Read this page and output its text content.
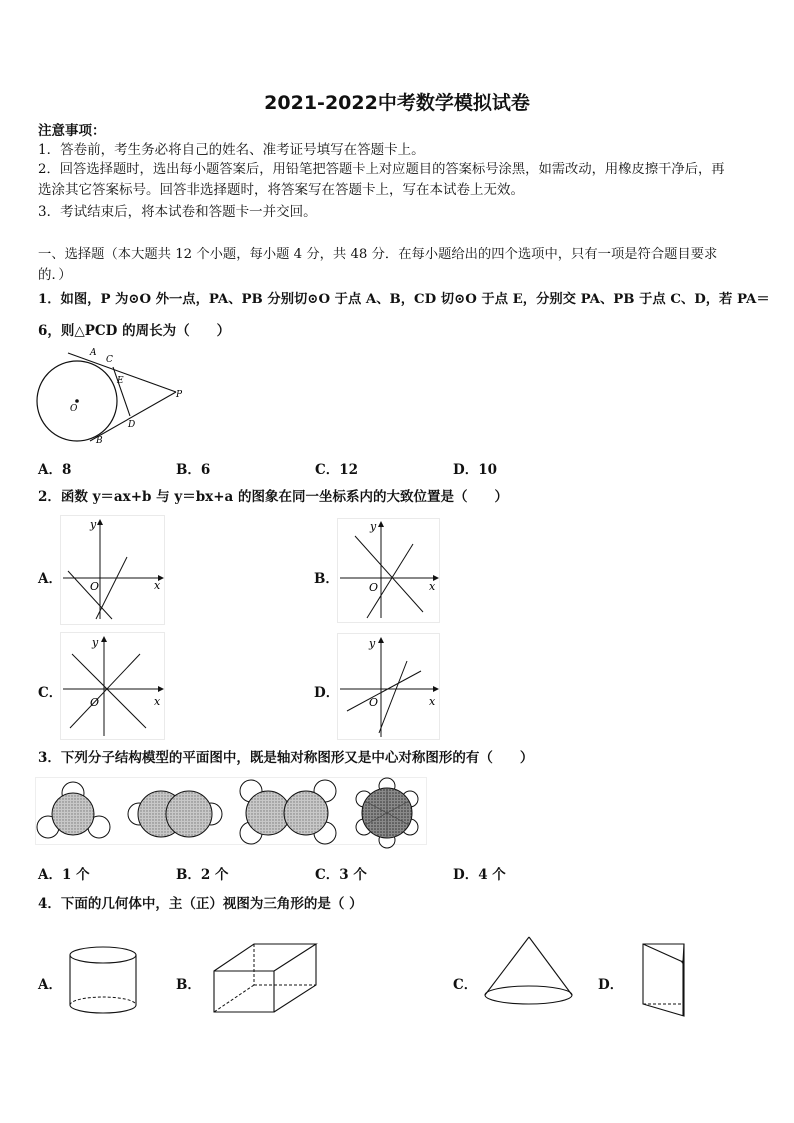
2021-2022中考数学模拟试卷
注意事项：
1．答卷前，考生务必将自己的姓名、准考证号填写在答题卡上。
2．回答选择题时，选出每小题答案后，用铅笔把答题卡上对应题目的答案标号涂黑，如需改动，用橡皮擦干净后，再
选涂其它答案标号。回答非选择题时，将答案写在答题卡上，写在本试卷上无效。
3．考试结束后，将本试卷和答题卡一并交回。
一、选择题（本大题共 12 个小题，每小题 4 分，共 48 分．在每小题给出的四个选项中，只有一项是符合题目要求
的．）
1．如图，P 为⊙O 外一点，PA、PB 分别切⊙O 于点 A、B，CD 切⊙O 于点 E，分别交 PA、PB 于点 C、D，若 PA＝
6，则△PCD 的周长为（　　）
A
C
E
O
P
D
B
A．8	B．6	C．12	D．10
2．函数 y＝ax+b 与 y＝bx+a 的图象在同一坐标系内的大致位置是（　　）
A．
y
x
O	B．
y
x
O
C．
y
x
O
D．
y
x
O
3．下列分子结构模型的平面图中，既是轴对称图形又是中心对称图形的有（　　）
A．1 个	B．2 个	C．3 个	D．4 个
4．下面的几何体中，主（正）视图为三角形的是（ ）
A．	B．	C．	D．
